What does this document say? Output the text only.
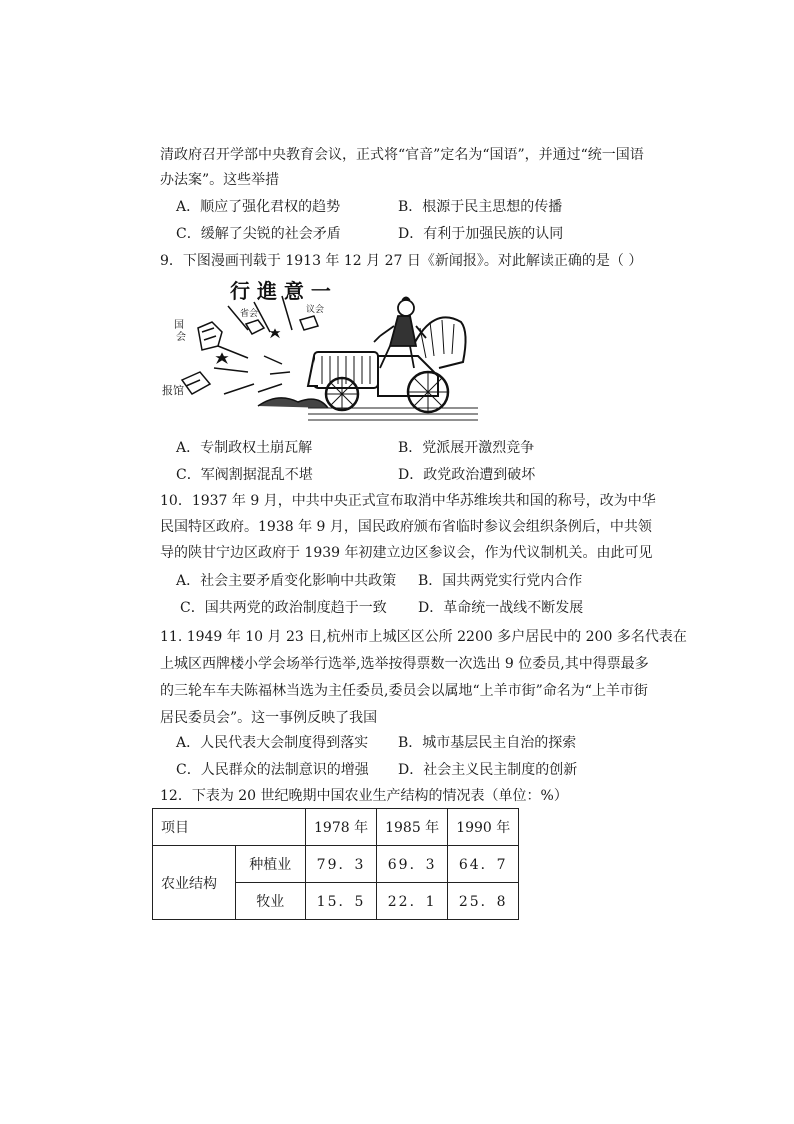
清政府召开学部中央教育会议，正式将“官音”定名为“国语”，并通过“统一国语
办法案”。这些举措
A．顺应了强化君权的趋势	B．根源于民主思想的传播
C．缓解了尖锐的社会矛盾	D．有利于加强民族的认同
9．下图漫画刊载于 1913 年 12 月 27 日《新闻报》。对此解读正确的是（ ）
行 進 意 一
国
会
省会	议会
报馆
A．专制政权土崩瓦解	B．党派展开激烈竞争
C．军阀割据混乱不堪	D．政党政治遭到破坏
10．1937 年 9 月，中共中央正式宣布取消中华苏维埃共和国的称号，改为中华
民国特区政府。1938 年 9 月，国民政府颁布省临时参议会组织条例后，中共领
导的陕甘宁边区政府于 1939 年初建立边区参议会，作为代议制机关。由此可见
A．社会主要矛盾变化影响中共政策 B．国共两党实行党内合作
C．国共两党的政治制度趋于一致 D．革命统一战线不断发展
11. 1949 年 10 月 23 日,杭州市上城区区公所 2200 多户居民中的 200 多名代表在
上城区西牌楼小学会场举行选举,选举按得票数一次选出 9 位委员,其中得票最多
的三轮车车夫陈福林当选为主任委员,委员会以属地“上羊市街”命名为“上羊市街
居民委员会”。这一事例反映了我国
A．人民代表大会制度得到落实 B．城市基层民主自治的探索
C．人民群众的法制意识的增强 D．社会主义民主制度的创新
12．下表为 20 世纪晚期中国农业生产结构的情况表（单位：%）
项目		1978 年	1985 年	1990 年
农业结构	种植业	79．3	69．3	64．7
	牧业	15．5	22．1	25．8
